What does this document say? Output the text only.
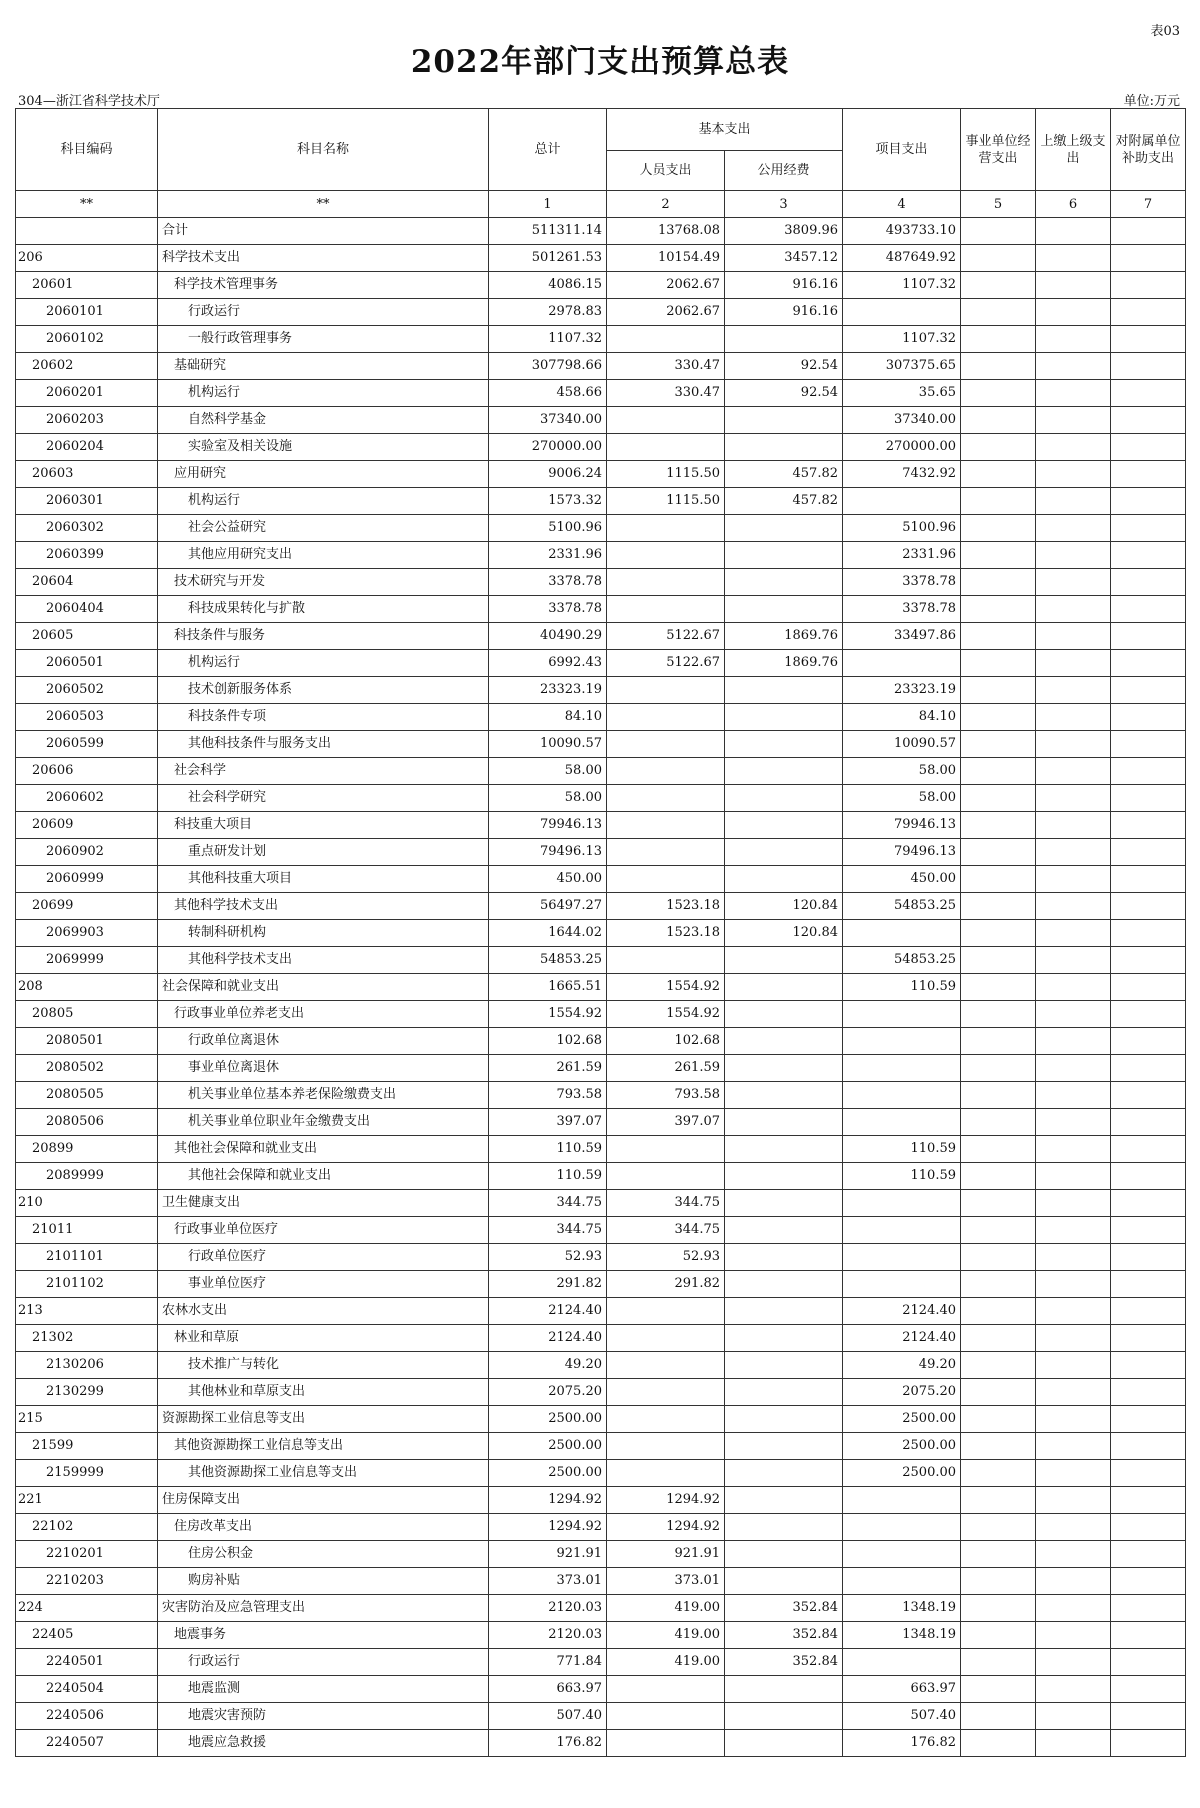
表03
2022年部门支出预算总表
304—浙江省科学技术厅	单位:万元
科目编码	科目名称	总计	基本支出		项目支出	事业单位经营支出	上缴上级支出	对附属单位补助支出
			人员支出	公用经费				
**	**	1	2	3	4	5	6	7
	合计	511311.14	13768.08	3809.96	493733.10			
206	科学技术支出	501261.53	10154.49	3457.12	487649.92			
20601	科学技术管理事务	4086.15	2062.67	916.16	1107.32			
2060101	行政运行	2978.83	2062.67	916.16				
2060102	一般行政管理事务	1107.32			1107.32			
20602	基础研究	307798.66	330.47	92.54	307375.65			
2060201	机构运行	458.66	330.47	92.54	35.65			
2060203	自然科学基金	37340.00			37340.00			
2060204	实验室及相关设施	270000.00			270000.00			
20603	应用研究	9006.24	1115.50	457.82	7432.92			
2060301	机构运行	1573.32	1115.50	457.82				
2060302	社会公益研究	5100.96			5100.96			
2060399	其他应用研究支出	2331.96			2331.96			
20604	技术研究与开发	3378.78			3378.78			
2060404	科技成果转化与扩散	3378.78			3378.78			
20605	科技条件与服务	40490.29	5122.67	1869.76	33497.86			
2060501	机构运行	6992.43	5122.67	1869.76				
2060502	技术创新服务体系	23323.19			23323.19			
2060503	科技条件专项	84.10			84.10			
2060599	其他科技条件与服务支出	10090.57			10090.57			
20606	社会科学	58.00			58.00			
2060602	社会科学研究	58.00			58.00			
20609	科技重大项目	79946.13			79946.13			
2060902	重点研发计划	79496.13			79496.13			
2060999	其他科技重大项目	450.00			450.00			
20699	其他科学技术支出	56497.27	1523.18	120.84	54853.25			
2069903	转制科研机构	1644.02	1523.18	120.84				
2069999	其他科学技术支出	54853.25			54853.25			
208	社会保障和就业支出	1665.51	1554.92		110.59			
20805	行政事业单位养老支出	1554.92	1554.92					
2080501	行政单位离退休	102.68	102.68					
2080502	事业单位离退休	261.59	261.59					
2080505	机关事业单位基本养老保险缴费支出	793.58	793.58					
2080506	机关事业单位职业年金缴费支出	397.07	397.07					
20899	其他社会保障和就业支出	110.59			110.59			
2089999	其他社会保障和就业支出	110.59			110.59			
210	卫生健康支出	344.75	344.75					
21011	行政事业单位医疗	344.75	344.75					
2101101	行政单位医疗	52.93	52.93					
2101102	事业单位医疗	291.82	291.82					
213	农林水支出	2124.40			2124.40			
21302	林业和草原	2124.40			2124.40			
2130206	技术推广与转化	49.20			49.20			
2130299	其他林业和草原支出	2075.20			2075.20			
215	资源勘探工业信息等支出	2500.00			2500.00			
21599	其他资源勘探工业信息等支出	2500.00			2500.00			
2159999	其他资源勘探工业信息等支出	2500.00			2500.00			
221	住房保障支出	1294.92	1294.92					
22102	住房改革支出	1294.92	1294.92					
2210201	住房公积金	921.91	921.91					
2210203	购房补贴	373.01	373.01					
224	灾害防治及应急管理支出	2120.03	419.00	352.84	1348.19			
22405	地震事务	2120.03	419.00	352.84	1348.19			
2240501	行政运行	771.84	419.00	352.84				
2240504	地震监测	663.97			663.97			
2240506	地震灾害预防	507.40			507.40			
2240507	地震应急救援	176.82			176.82			
